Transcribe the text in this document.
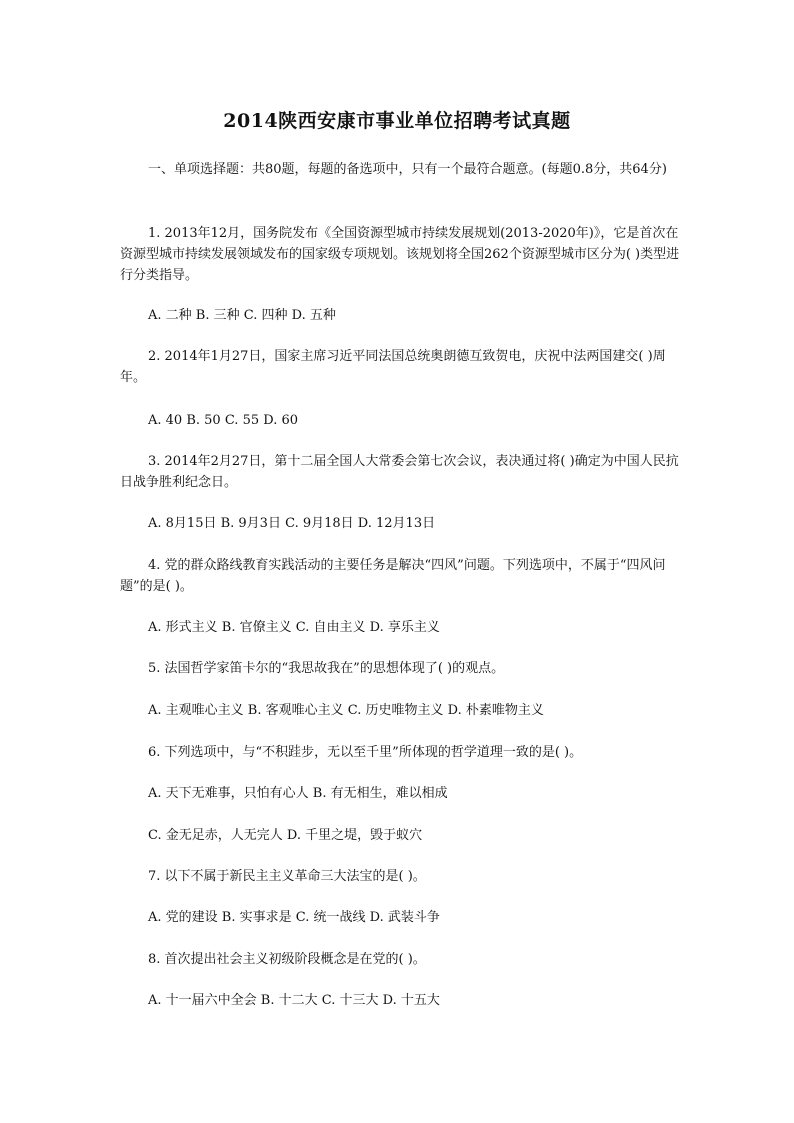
2014陕西安康市事业单位招聘考试真题
一、单项选择题：共80题，每题的备选项中，只有一个最符合题意。(每题0.8分，共64分)
1. 2013年12月，国务院发布《全国资源型城市持续发展规划(2013-2020年)》，它是首次在资源型城市持续发展领域发布的国家级专项规划。该规划将全国262个资源型城市区分为( )类型进行分类指导。
A. 二种 B. 三种 C. 四种 D. 五种
2. 2014年1月27日，国家主席习近平同法国总统奥朗德互致贺电，庆祝中法两国建交( )周年。
A. 40 B. 50 C. 55 D. 60
3. 2014年2月27日，第十二届全国人大常委会第七次会议，表决通过将( )确定为中国人民抗日战争胜利纪念日。
A. 8月15日 B. 9月3日 C. 9月18日 D. 12月13日
4. 党的群众路线教育实践活动的主要任务是解决“四风”问题。下列选项中，不属于“四风问题”的是( )。
A. 形式主义 B. 官僚主义 C. 自由主义 D. 享乐主义
5. 法国哲学家笛卡尔的“我思故我在”的思想体现了( )的观点。
A. 主观唯心主义 B. 客观唯心主义 C. 历史唯物主义 D. 朴素唯物主义
6. 下列选项中，与“不积跬步，无以至千里”所体现的哲学道理一致的是( )。
A. 天下无难事，只怕有心人 B. 有无相生，难以相成
C. 金无足赤，人无完人 D. 千里之堤，毁于蚁穴
7. 以下不属于新民主主义革命三大法宝的是( )。
A. 党的建设 B. 实事求是 C. 统一战线 D. 武装斗争
8. 首次提出社会主义初级阶段概念是在党的( )。
A. 十一届六中全会 B. 十二大 C. 十三大 D. 十五大
